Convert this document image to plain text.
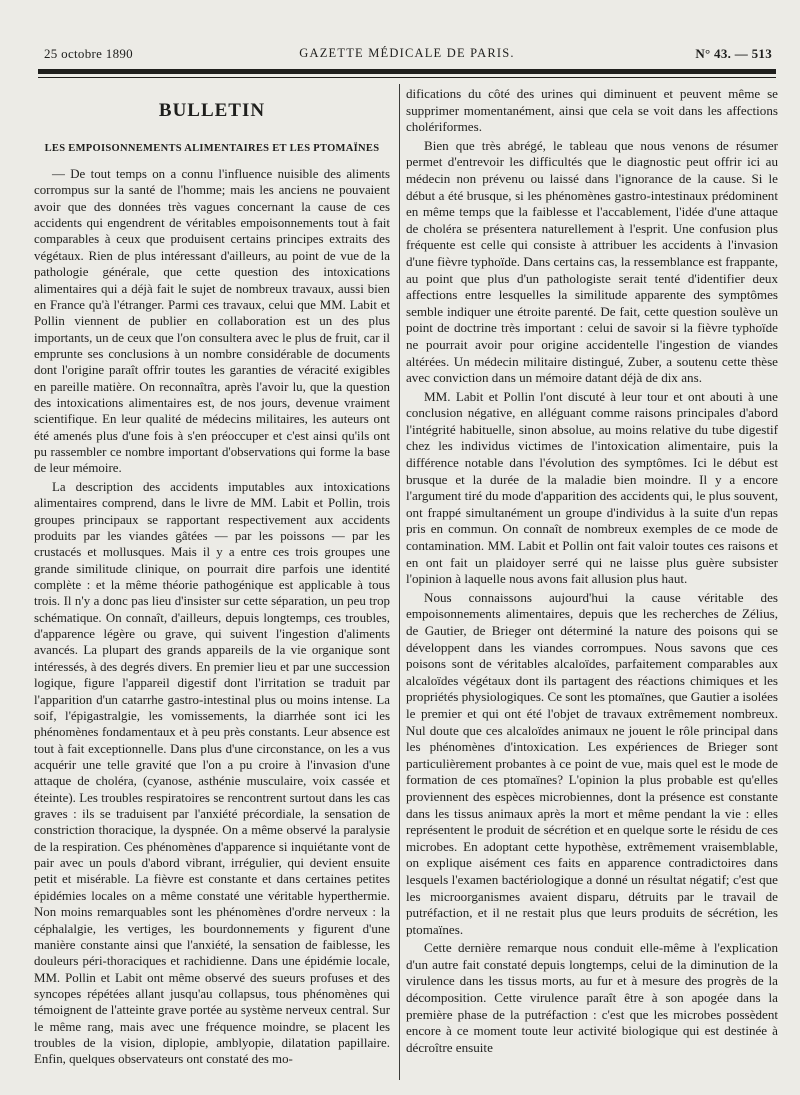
25 octobre 1890	GAZETTE MÉDICALE DE PARIS.	N° 43. — 513
BULLETIN
LES EMPOISONNEMENTS ALIMENTAIRES ET LES PTOMAÏNES

— De tout temps on a connu l'influence nuisible des aliments corrompus sur la santé de l'homme; mais les anciens ne pouvaient avoir que des données très vagues concernant la cause de ces accidents qui engendrent de véritables empoisonnements tout à fait comparables à ceux que produisent certains principes extraits des végétaux. Rien de plus intéressant d'ailleurs, au point de vue de la pathologie générale, que cette question des intoxications alimentaires qui a déjà fait le sujet de nombreux travaux, aussi bien en France qu'à l'étranger. Parmi ces travaux, celui que MM. Labit et Pollin viennent de publier en collaboration est un des plus importants, un de ceux que l'on consultera avec le plus de fruit, car il emprunte ses conclusions à un nombre considérable de documents dont l'origine paraît offrir toutes les garanties de véracité exigibles en pareille matière. On reconnaîtra, après l'avoir lu, que la question des intoxications alimentaires est, de nos jours, devenue vraiment scientifique. En leur qualité de médecins militaires, les auteurs ont été amenés plus d'une fois à s'en préoccuper et c'est ainsi qu'ils ont pu rassembler ce nombre important d'observations qui forme la base de leur mémoire.

La description des accidents imputables aux intoxications alimentaires comprend, dans le livre de MM. Labit et Pollin, trois groupes principaux se rapportant respectivement aux accidents produits par les viandes gâtées — par les poissons — par les crustacés et mollusques. Mais il y a entre ces trois groupes une grande similitude clinique, on pourrait dire parfois une identité complète : et la même théorie pathogénique est applicable à tous trois. Il n'y a donc pas lieu d'insister sur cette séparation, un peu trop schématique. On connaît, d'ailleurs, depuis longtemps, ces troubles, d'apparence légère ou grave, qui suivent l'ingestion d'aliments avancés. La plupart des grands appareils de la vie organique sont intéressés, à des degrés divers. En premier lieu et par une succession logique, figure l'appareil digestif dont l'irritation se traduit par l'apparition d'un catarrhe gastro-intestinal plus ou moins intense. La soif, l'épigastralgie, les vomissements, la diarrhée sont ici les phénomènes fondamentaux et à peu près constants. Leur absence est tout à fait exceptionnelle. Dans plus d'une circonstance, on les a vus acquérir une telle gravité que l'on a pu croire à l'invasion d'une attaque de choléra, (cyanose, asthénie musculaire, voix cassée et éteinte). Les troubles respiratoires se rencontrent surtout dans les cas graves : ils se traduisent par l'anxiété précordiale, la sensation de constriction thoracique, la dyspnée. On a même observé la paralysie de la respiration. Ces phénomènes d'apparence si inquiétante vont de pair avec un pouls d'abord vibrant, irrégulier, qui devient ensuite petit et misérable. La fièvre est constante et dans certaines petites épidémies locales on a même constaté une véritable hyperthermie. Non moins remarquables sont les phénomènes d'ordre nerveux : la céphalalgie, les vertiges, les bourdonnements y figurent d'une manière constante ainsi que l'anxiété, la sensation de faiblesse, les douleurs péri-thoraciques et rachidienne. Dans une épidémie locale, MM. Pollin et Labit ont même observé des sueurs profuses et des syncopes répétées allant jusqu'au collapsus, tous phénomènes qui témoignent de l'atteinte grave portée au système nerveux central. Sur le même rang, mais avec une fréquence moindre, se placent les troubles de la vision, diplopie, amblyopie, dilatation papillaire. Enfin, quelques observateurs ont constaté des mo-

difications du côté des urines qui diminuent et peuvent même se supprimer momentanément, ainsi que cela se voit dans les affections cholériformes.

Bien que très abrégé, le tableau que nous venons de résumer permet d'entrevoir les difficultés que le diagnostic peut offrir ici au médecin non prévenu ou laissé dans l'ignorance de la cause. Si le début a été brusque, si les phénomènes gastro-intestinaux prédominent en même temps que la faiblesse et l'accablement, l'idée d'une attaque de choléra se présentera naturellement à l'esprit. Une confusion plus fréquente est celle qui consiste à attribuer les accidents à l'invasion d'une fièvre typhoïde. Dans certains cas, la ressemblance est frappante, au point que plus d'un pathologiste serait tenté d'identifier deux affections entre lesquelles la similitude apparente des symptômes semble indiquer une étroite parenté. De fait, cette question soulève un point de doctrine très important : celui de savoir si la fièvre typhoïde ne pourrait avoir pour origine accidentelle l'ingestion de viandes altérées. Un médecin militaire distingué, Zuber, a soutenu cette thèse avec conviction dans un mémoire datant déjà de dix ans.

MM. Labit et Pollin l'ont discuté à leur tour et ont abouti à une conclusion négative, en alléguant comme raisons principales d'abord l'intégrité habituelle, sinon absolue, au moins relative du tube digestif chez les individus victimes de l'intoxication alimentaire, puis la différence notable dans l'évolution des symptômes. Ici le début est brusque et la durée de la maladie bien moindre. Il y a encore l'argument tiré du mode d'apparition des accidents qui, le plus souvent, ont frappé simultanément un groupe d'individus à la suite d'un repas pris en commun. On connaît de nombreux exemples de ce mode de contamination. MM. Labit et Pollin ont fait valoir toutes ces raisons et en ont fait un plaidoyer serré qui ne laisse plus guère subsister l'opinion à laquelle nous avons fait allusion plus haut.

Nous connaissons aujourd'hui la cause véritable des empoisonnements alimentaires, depuis que les recherches de Zélius, de Gautier, de Brieger ont déterminé la nature des poisons qui se développent dans les viandes corrompues. Nous savons que ces poisons sont de véritables alcaloïdes, parfaitement comparables aux alcaloïdes végétaux dont ils partagent des réactions chimiques et les propriétés physiologiques. Ce sont les ptomaïnes, que Gautier a isolées le premier et qui ont été l'objet de travaux extrêmement nombreux. Nul doute que ces alcaloïdes animaux ne jouent le rôle principal dans les phénomènes d'intoxication. Les expériences de Brieger sont particulièrement probantes à ce point de vue, mais quel est le mode de formation de ces ptomaïnes? L'opinion la plus probable est qu'elles proviennent des espèces microbiennes, dont la présence est constante dans les tissus animaux après la mort et même pendant la vie : elles représentent le produit de sécrétion et en quelque sorte le résidu de ces microbes. En adoptant cette hypothèse, extrêmement vraisemblable, on explique aisément ces faits en apparence contradictoires dans lesquels l'examen bactériologique a donné un résultat négatif; c'est que les microorganismes avaient disparu, détruits par le travail de putréfaction, et il ne restait plus que leurs produits de sécrétion, les ptomaïnes.

Cette dernière remarque nous conduit elle-même à l'explication d'un autre fait constaté depuis longtemps, celui de la diminution de la virulence dans les tissus morts, au fur et à mesure des progrès de la décomposition. Cette virulence paraît être à son apogée dans la première phase de la putréfaction : c'est que les microbes possèdent encore à ce moment toute leur activité biologique qui est destinée à décroître ensuite
